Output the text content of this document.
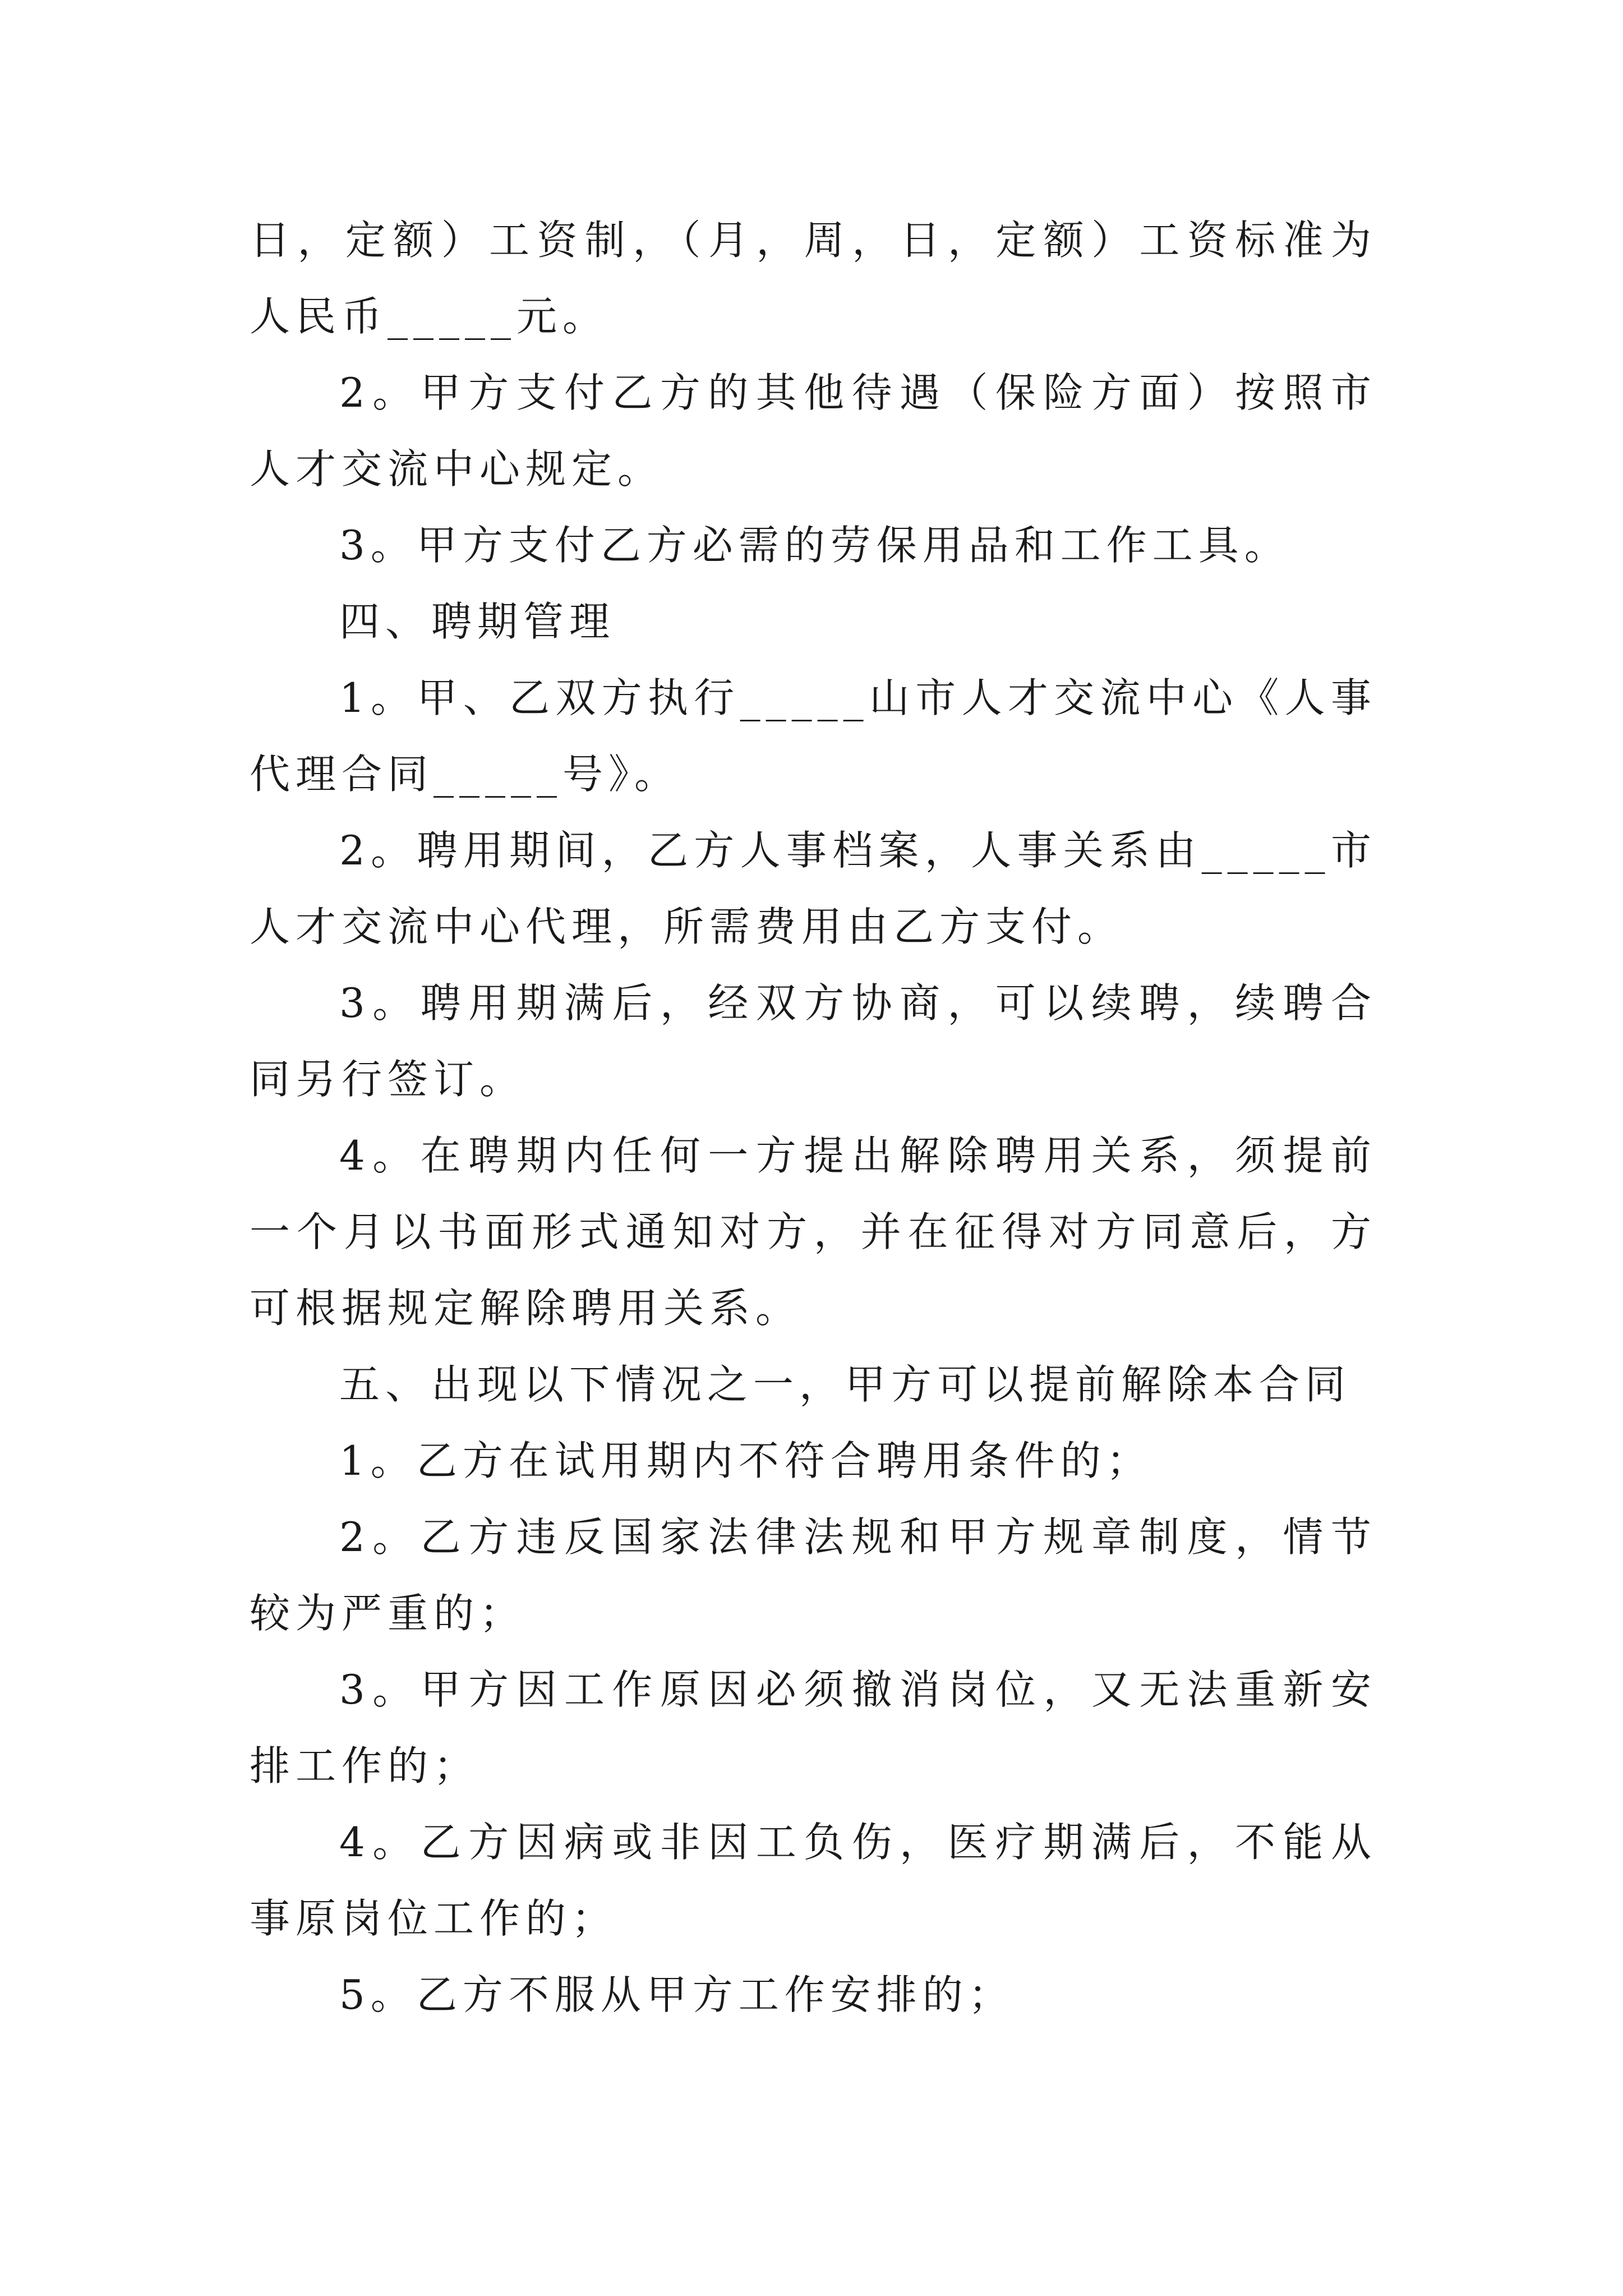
日，定额）工资制，（月，周，日，定额）工资标准为人民币_____元。

2。甲方支付乙方的其他待遇（保险方面）按照市人才交流中心规定。

3。甲方支付乙方必需的劳保用品和工作工具。

四、聘期管理

1。甲、乙双方执行_____山市人才交流中心《人事代理合同_____号》。

2。聘用期间，乙方人事档案，人事关系由_____市人才交流中心代理，所需费用由乙方支付。

3。聘用期满后，经双方协商，可以续聘，续聘合同另行签订。

4。在聘期内任何一方提出解除聘用关系，须提前一个月以书面形式通知对方，并在征得对方同意后，方可根据规定解除聘用关系。

五、出现以下情况之一，甲方可以提前解除本合同

1。乙方在试用期内不符合聘用条件的；

2。乙方违反国家法律法规和甲方规章制度，情节较为严重的；

3。甲方因工作原因必须撤消岗位，又无法重新安排工作的；

4。乙方因病或非因工负伤，医疗期满后，不能从事原岗位工作的；

5。乙方不服从甲方工作安排的；
